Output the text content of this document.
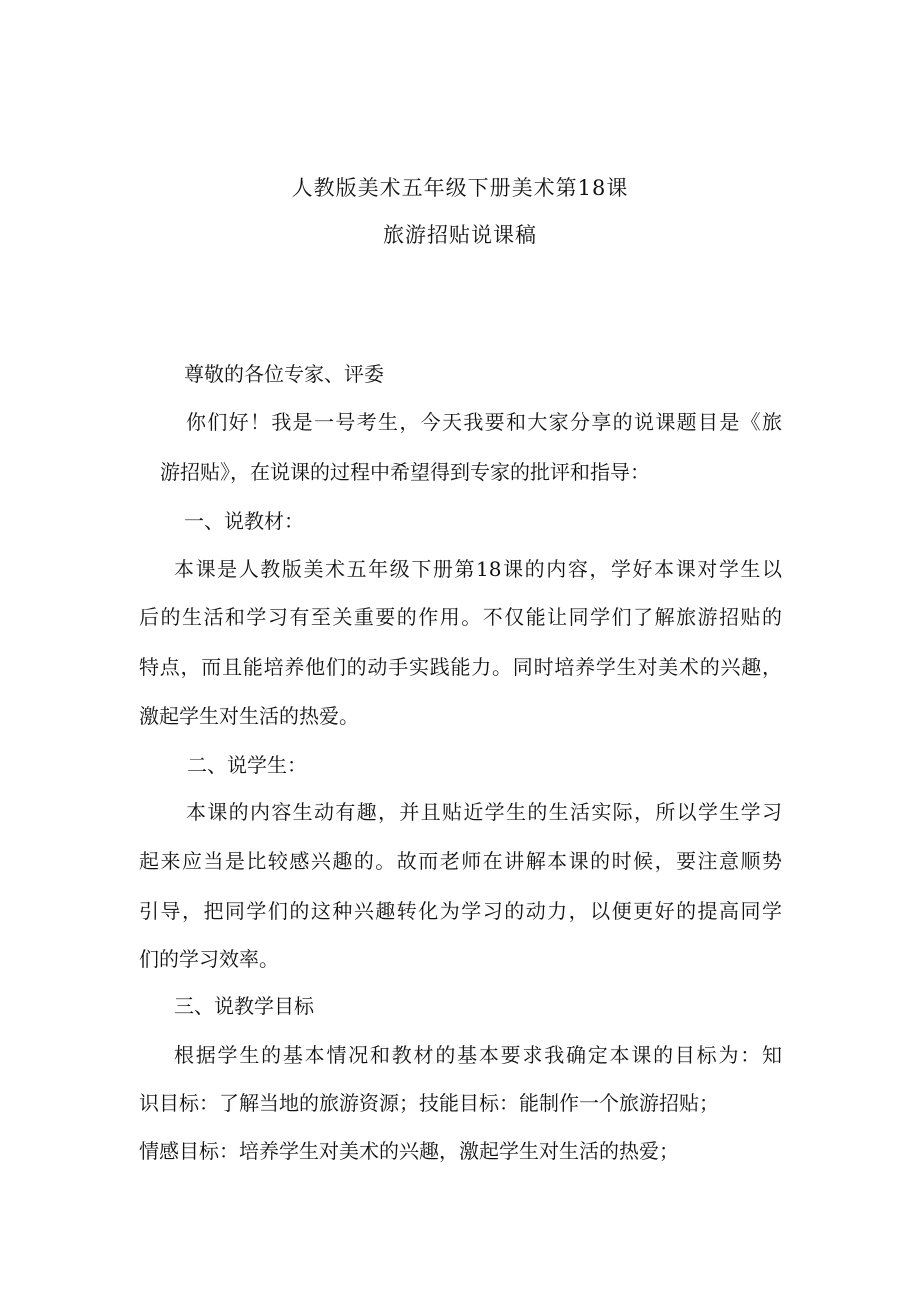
人教版美术五年级下册美术第18课
旅游招贴说课稿
尊敬的各位专家、评委
你们好！我是一号考生，今天我要和大家分享的说课题目是《旅
游招贴》，在说课的过程中希望得到专家的批评和指导：
一、说教材：
本课是人教版美术五年级下册第18课的内容，学好本课对学生以
后的生活和学习有至关重要的作用。不仅能让同学们了解旅游招贴的
特点，而且能培养他们的动手实践能力。同时培养学生对美术的兴趣，
激起学生对生活的热爱。
二、说学生：
本课的内容生动有趣，并且贴近学生的生活实际，所以学生学习
起来应当是比较感兴趣的。故而老师在讲解本课的时候，要注意顺势
引导，把同学们的这种兴趣转化为学习的动力，以便更好的提高同学
们的学习效率。
三、说教学目标
根据学生的基本情况和教材的基本要求我确定本课的目标为：知
识目标：了解当地的旅游资源；技能目标：能制作一个旅游招贴；
情感目标：培养学生对美术的兴趣，激起学生对生活的热爱；
